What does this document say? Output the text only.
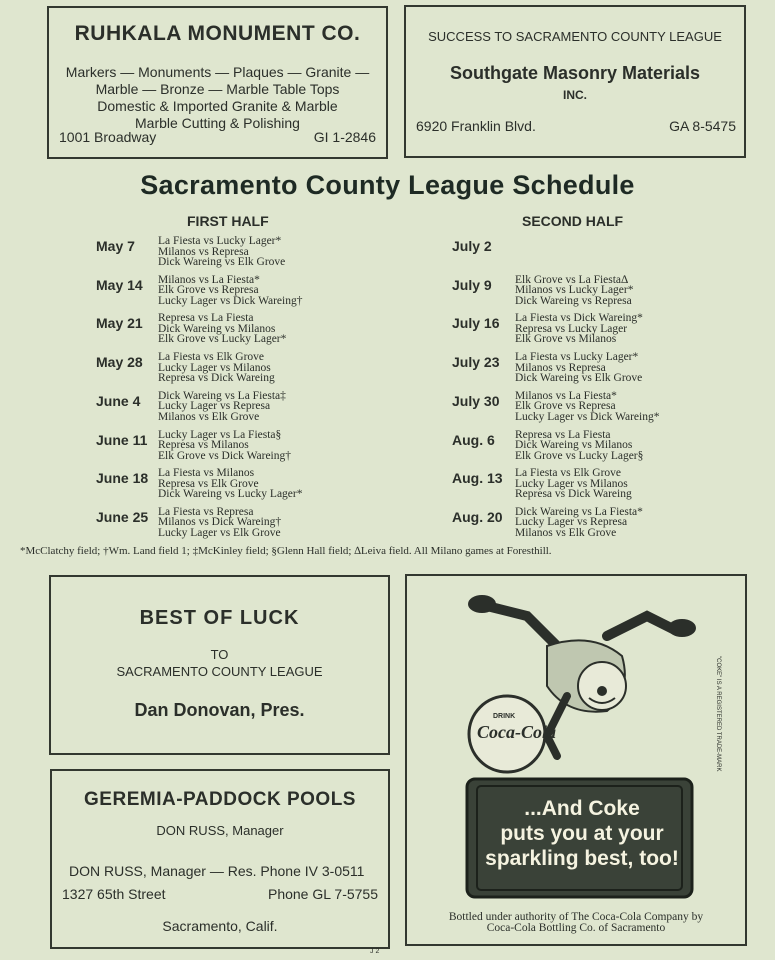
RUHKALA MONUMENT CO.
Markers — Monuments — Plaques — Granite —
Marble — Bronze — Marble Table Tops
Domestic & Imported Granite & Marble
Marble Cutting & Polishing
1001 Broadway	GI 1-2846
SUCCESS TO SACRAMENTO COUNTY LEAGUE
Southgate Masonry Materials
INC.
6920 Franklin Blvd.	GA 8-5475
Sacramento County League Schedule
FIRST HALF	SECOND HALF
May 7 La Fiesta vs Lucky Lager*
Milanos vs Represa
Dick Wareing vs Elk Grove
May 14 Milanos vs La Fiesta*
Elk Grove vs Represa
Lucky Lager vs Dick Wareing†
May 21 Represa vs La Fiesta
Dick Wareing vs Milanos
Elk Grove vs Lucky Lager*
May 28 La Fiesta vs Elk Grove
Lucky Lager vs Milanos
Represa vs Dick Wareing
June 4 Dick Wareing vs La Fiesta‡
Lucky Lager vs Represa
Milanos vs Elk Grove
June 11 Lucky Lager vs La Fiesta§
Represa vs Milanos
Elk Grove vs Dick Wareing†
June 18 La Fiesta vs Milanos
Represa vs Elk Grove
Dick Wareing vs Lucky Lager*
June 25 La Fiesta vs Represa
Milanos vs Dick Wareing†
Lucky Lager vs Elk Grove
July 2
July 9 Elk Grove vs La Fiesta∆
Milanos vs Lucky Lager*
Dick Wareing vs Represa
July 16 La Fiesta vs Dick Wareing*
Represa vs Lucky Lager
Elk Grove vs Milanos
July 23 La Fiesta vs Lucky Lager*
Milanos vs Represa
Dick Wareing vs Elk Grove
July 30 Milanos vs La Fiesta*
Elk Grove vs Represa
Lucky Lager vs Dick Wareing*
Aug. 6 Represa vs La Fiesta
Dick Wareing vs Milanos
Elk Grove vs Lucky Lager§
Aug. 13 La Fiesta vs Elk Grove
Lucky Lager vs Milanos
Represa vs Dick Wareing
Aug. 20 Dick Wareing vs La Fiesta*
Lucky Lager vs Represa
Milanos vs Elk Grove
*McClatchy field; †Wm. Land field 1; ‡McKinley field; §Glenn Hall field; ∆Leiva field. All Milano games at Foresthill.
BEST OF LUCK
TO
SACRAMENTO COUNTY LEAGUE
Dan Donovan, Pres.
GEREMIA-PADDOCK POOLS
DON RUSS, Manager
DON RUSS, Manager — Res. Phone IV 3-0511
1327 65th Street	Phone GL 7-5755
Sacramento, Calif.
DRINK
Coca-Cola	"COKE" IS A REGISTERED TRADE-MARK
...And Coke
puts you at your
sparkling best, too!
Bottled under authority of The Coca-Cola Company by
Coca-Cola Bottling Co. of Sacramento
J 2
